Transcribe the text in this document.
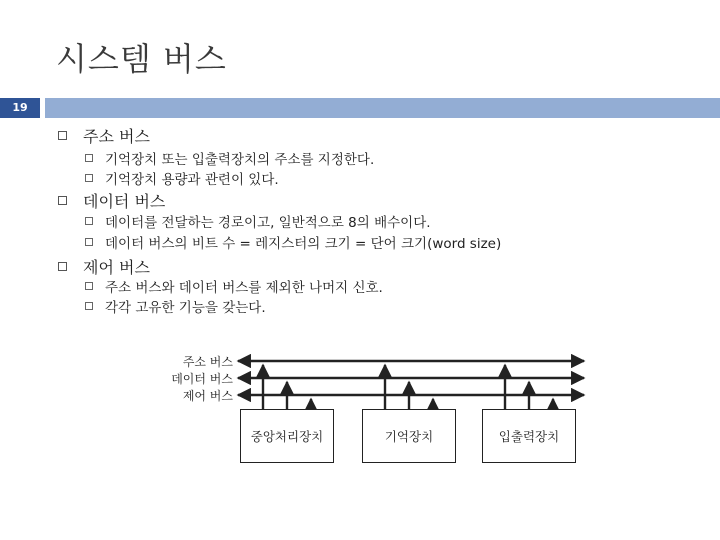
시스템 버스
19
주소 버스
기억장치 또는 입출력장치의 주소를 지정한다.
기억장치 용량과 관련이 있다.
데이터 버스
데이터를 전달하는 경로이고, 일반적으로 8의 배수이다.
데이터 버스의 비트 수 = 레지스터의 크기 = 단어 크기(word size)
제어 버스
주소 버스와 데이터 버스를 제외한 나머지 신호.
각각 고유한 기능을 갖는다.
주소 버스
데이터 버스
제어 버스
중앙처리장치	기억장치	입출력장치
